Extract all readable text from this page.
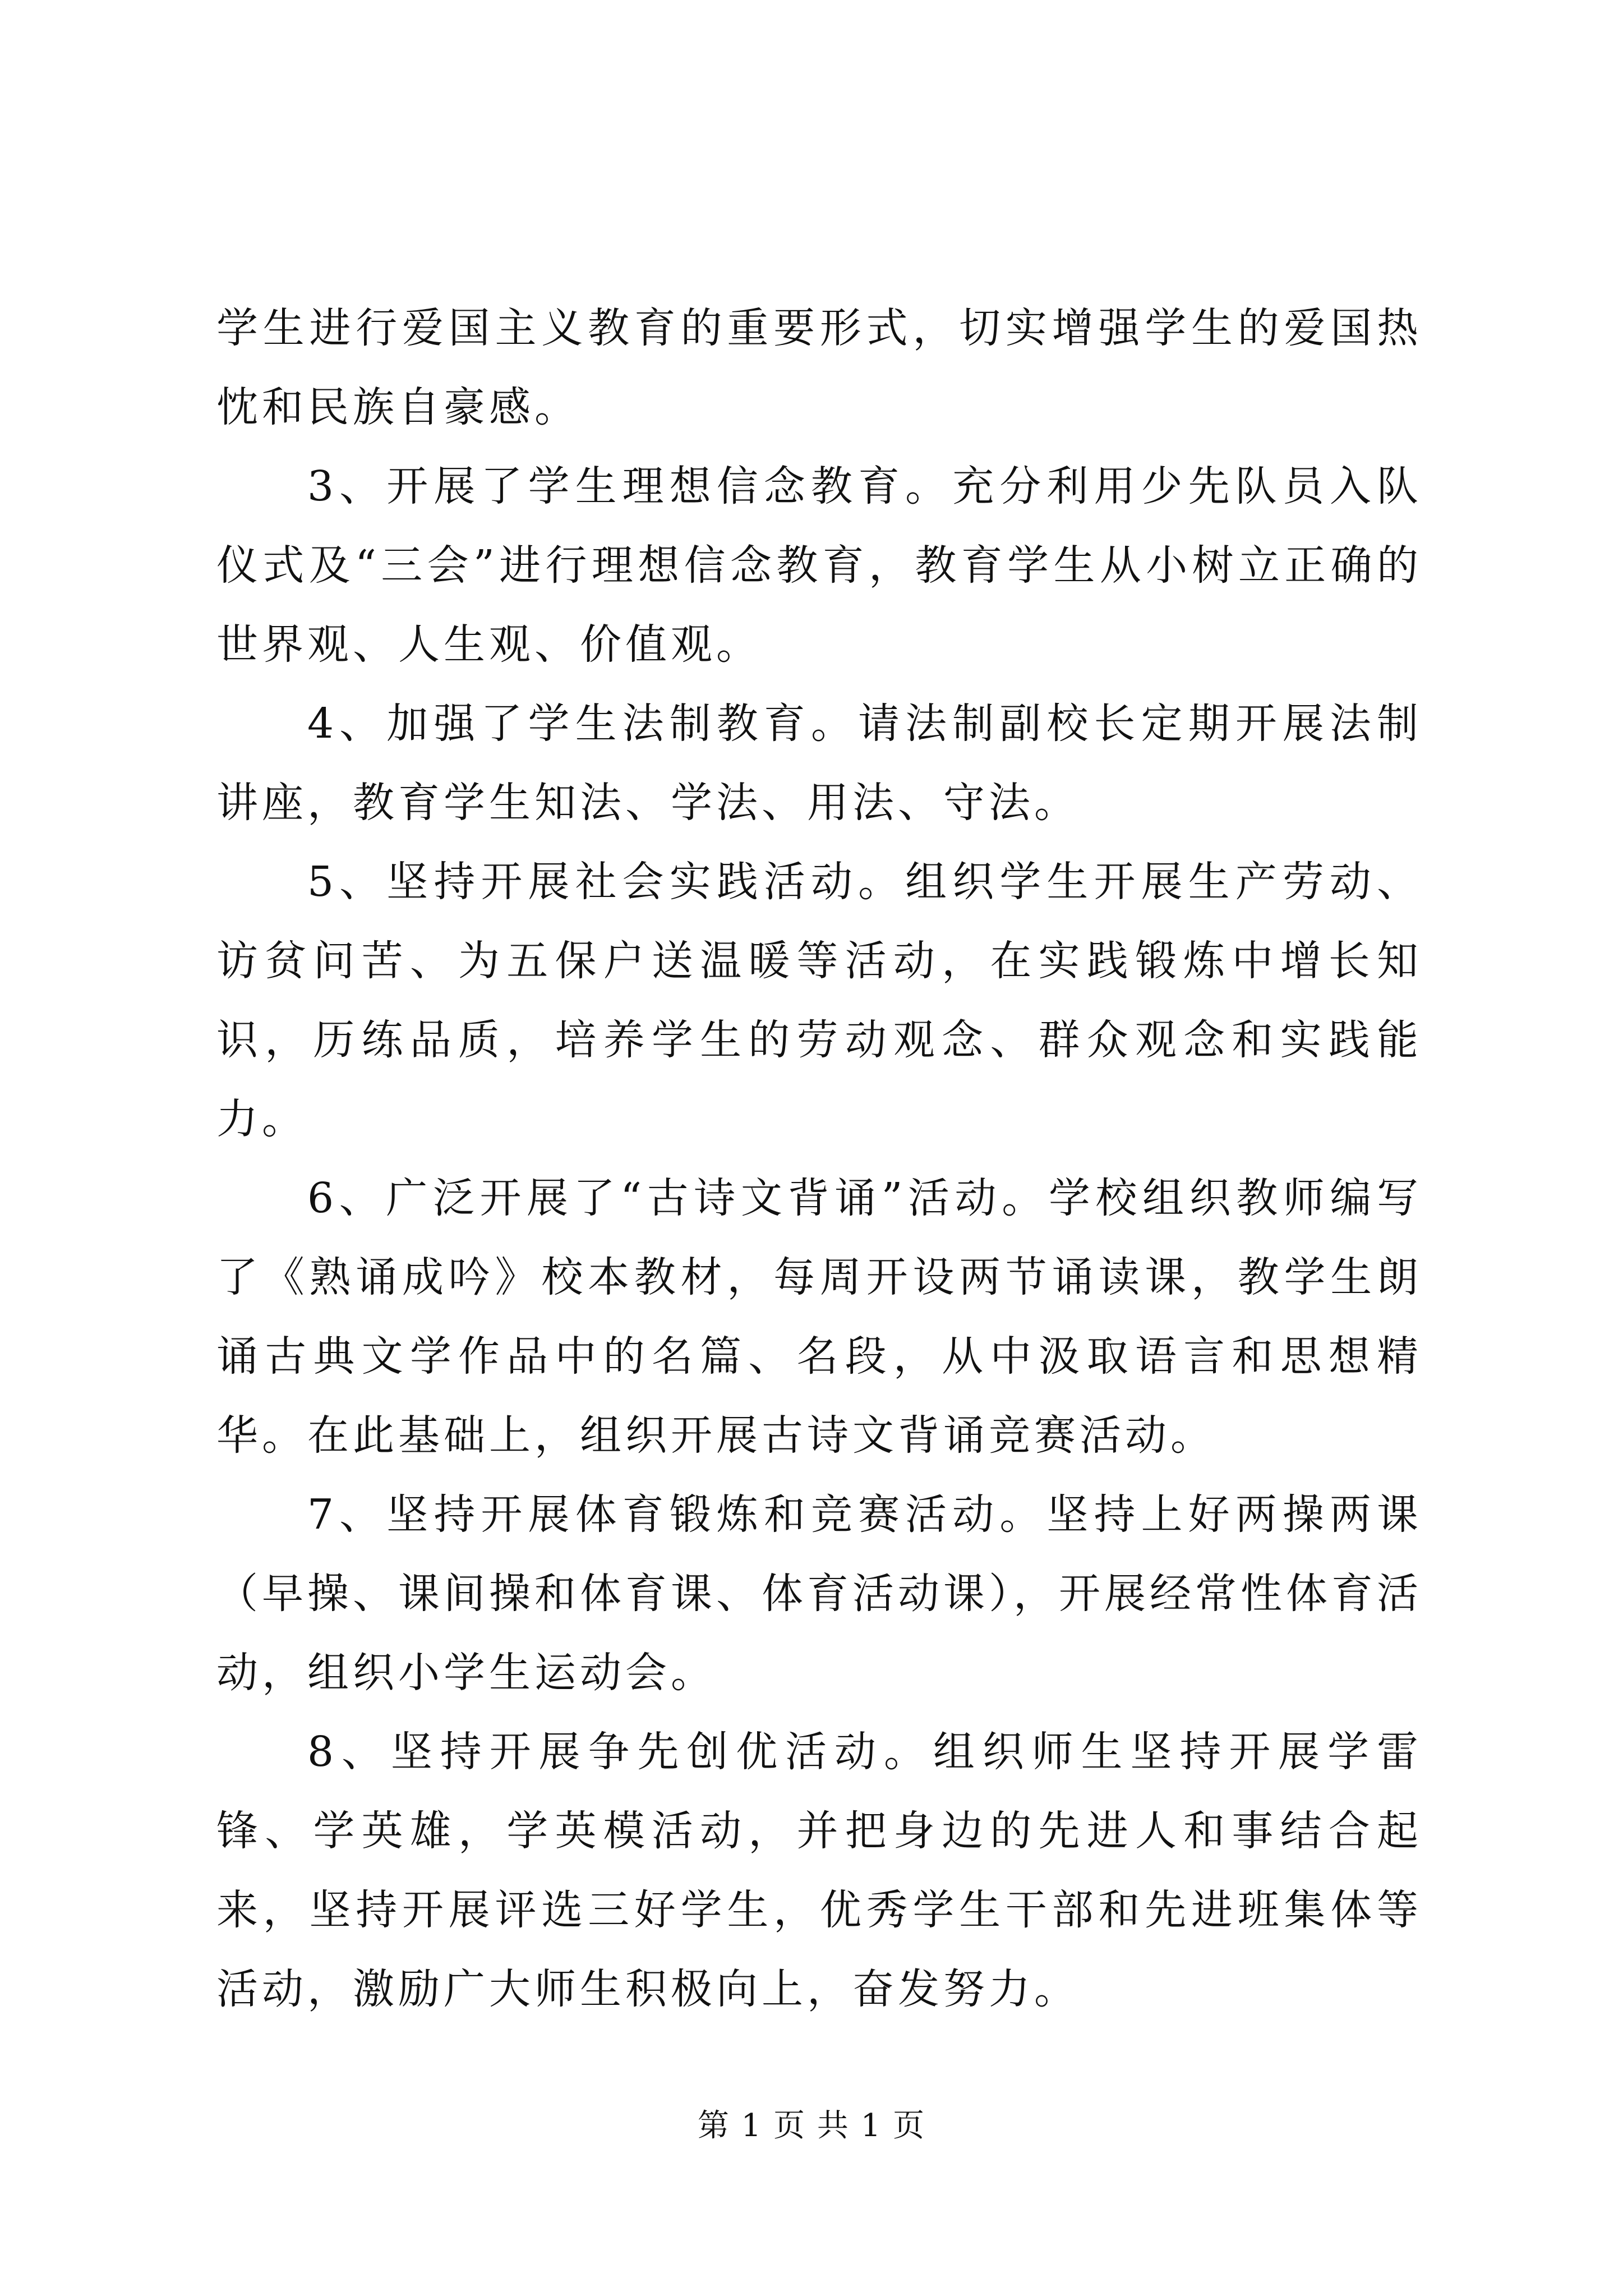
学生进行爱国主义教育的重要形式，切实增强学生的爱国热忱和民族自豪感。

3、开展了学生理想信念教育。充分利用少先队员入队仪式及“三会”进行理想信念教育，教育学生从小树立正确的世界观、人生观、价值观。

4、加强了学生法制教育。请法制副校长定期开展法制讲座，教育学生知法、学法、用法、守法。

5、坚持开展社会实践活动。组织学生开展生产劳动、访贫问苦、为五保户送温暖等活动，在实践锻炼中增长知识，历练品质，培养学生的劳动观念、群众观念和实践能力。

6、广泛开展了“古诗文背诵”活动。学校组织教师编写了《熟诵成吟》校本教材，每周开设两节诵读课，教学生朗诵古典文学作品中的名篇、名段，从中汲取语言和思想精华。在此基础上，组织开展古诗文背诵竞赛活动。

7、坚持开展体育锻炼和竞赛活动。坚持上好两操两课（早操、课间操和体育课、体育活动课），开展经常性体育活动，组织小学生运动会。

8、坚持开展争先创优活动。组织师生坚持开展学雷锋、学英雄，学英模活动，并把身边的先进人和事结合起来，坚持开展评选三好学生，优秀学生干部和先进班集体等活动，激励广大师生积极向上，奋发努力。

第 1 页 共 1 页
